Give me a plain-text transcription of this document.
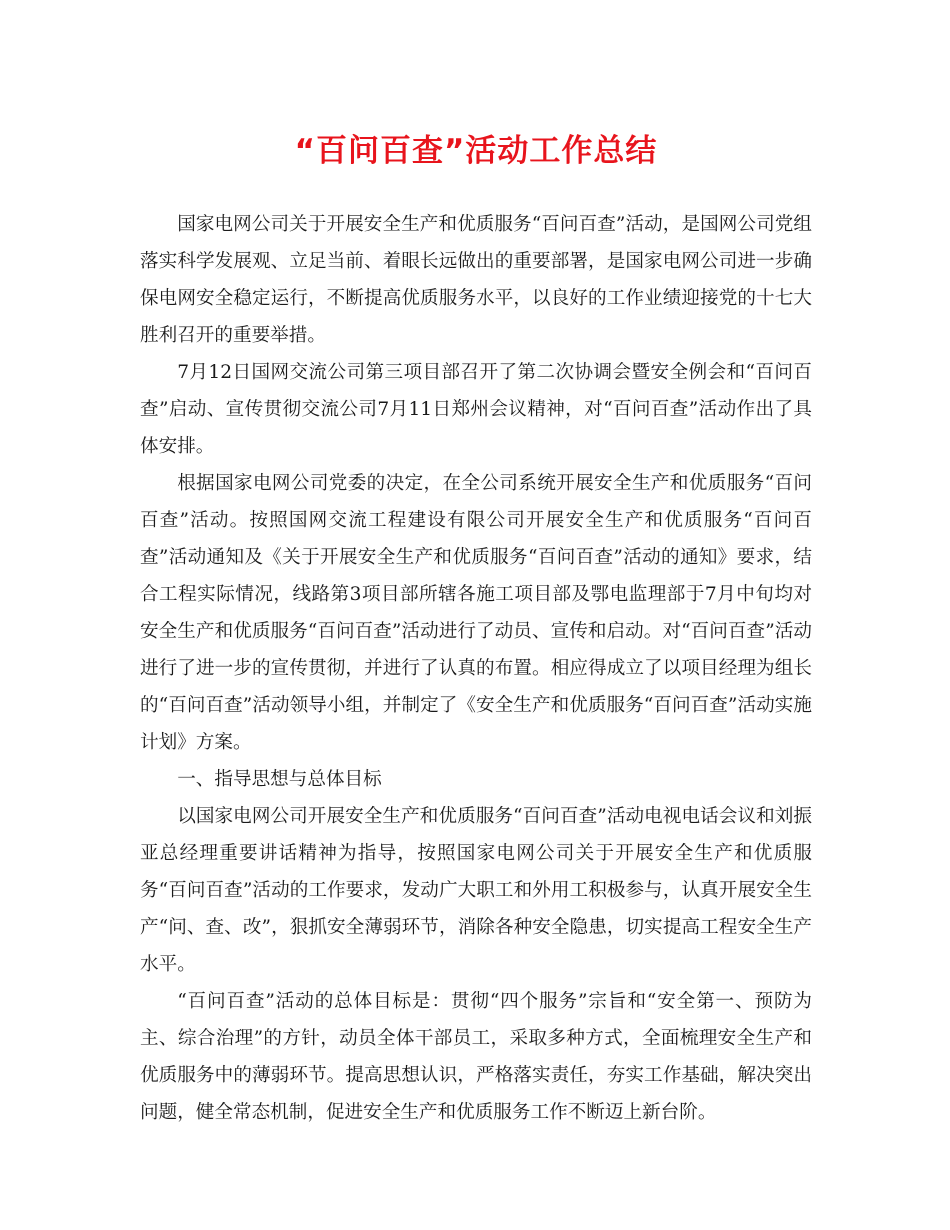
“百问百查”活动工作总结

国家电网公司关于开展安全生产和优质服务“百问百查”活动，是国网公司党组落实科学发展观、立足当前、着眼长远做出的重要部署，是国家电网公司进一步确保电网安全稳定运行，不断提高优质服务水平，以良好的工作业绩迎接党的十七大胜利召开的重要举措。

7月12日国网交流公司第三项目部召开了第二次协调会暨安全例会和“百问百查”启动、宣传贯彻交流公司7月11日郑州会议精神，对“百问百查”活动作出了具体安排。

根据国家电网公司党委的决定，在全公司系统开展安全生产和优质服务“百问百查”活动。按照国网交流工程建设有限公司开展安全生产和优质服务“百问百查”活动通知及《关于开展安全生产和优质服务“百问百查”活动的通知》要求，结合工程实际情况，线路第3项目部所辖各施工项目部及鄂电监理部于7月中旬均对安全生产和优质服务“百问百查”活动进行了动员、宣传和启动。对“百问百查”活动进行了进一步的宣传贯彻，并进行了认真的布置。相应得成立了以项目经理为组长的“百问百查”活动领导小组，并制定了《安全生产和优质服务“百问百查”活动实施计划》方案。

一、指导思想与总体目标

以国家电网公司开展安全生产和优质服务“百问百查”活动电视电话会议和刘振亚总经理重要讲话精神为指导，按照国家电网公司关于开展安全生产和优质服务“百问百查”活动的工作要求，发动广大职工和外用工积极参与，认真开展安全生产“问、查、改”，狠抓安全薄弱环节，消除各种安全隐患，切实提高工程安全生产水平。

“百问百查”活动的总体目标是：贯彻“四个服务”宗旨和“安全第一、预防为主、综合治理”的方针，动员全体干部员工，采取多种方式，全面梳理安全生产和优质服务中的薄弱环节。提高思想认识，严格落实责任，夯实工作基础，解决突出问题，健全常态机制，促进安全生产和优质服务工作不断迈上新台阶。
